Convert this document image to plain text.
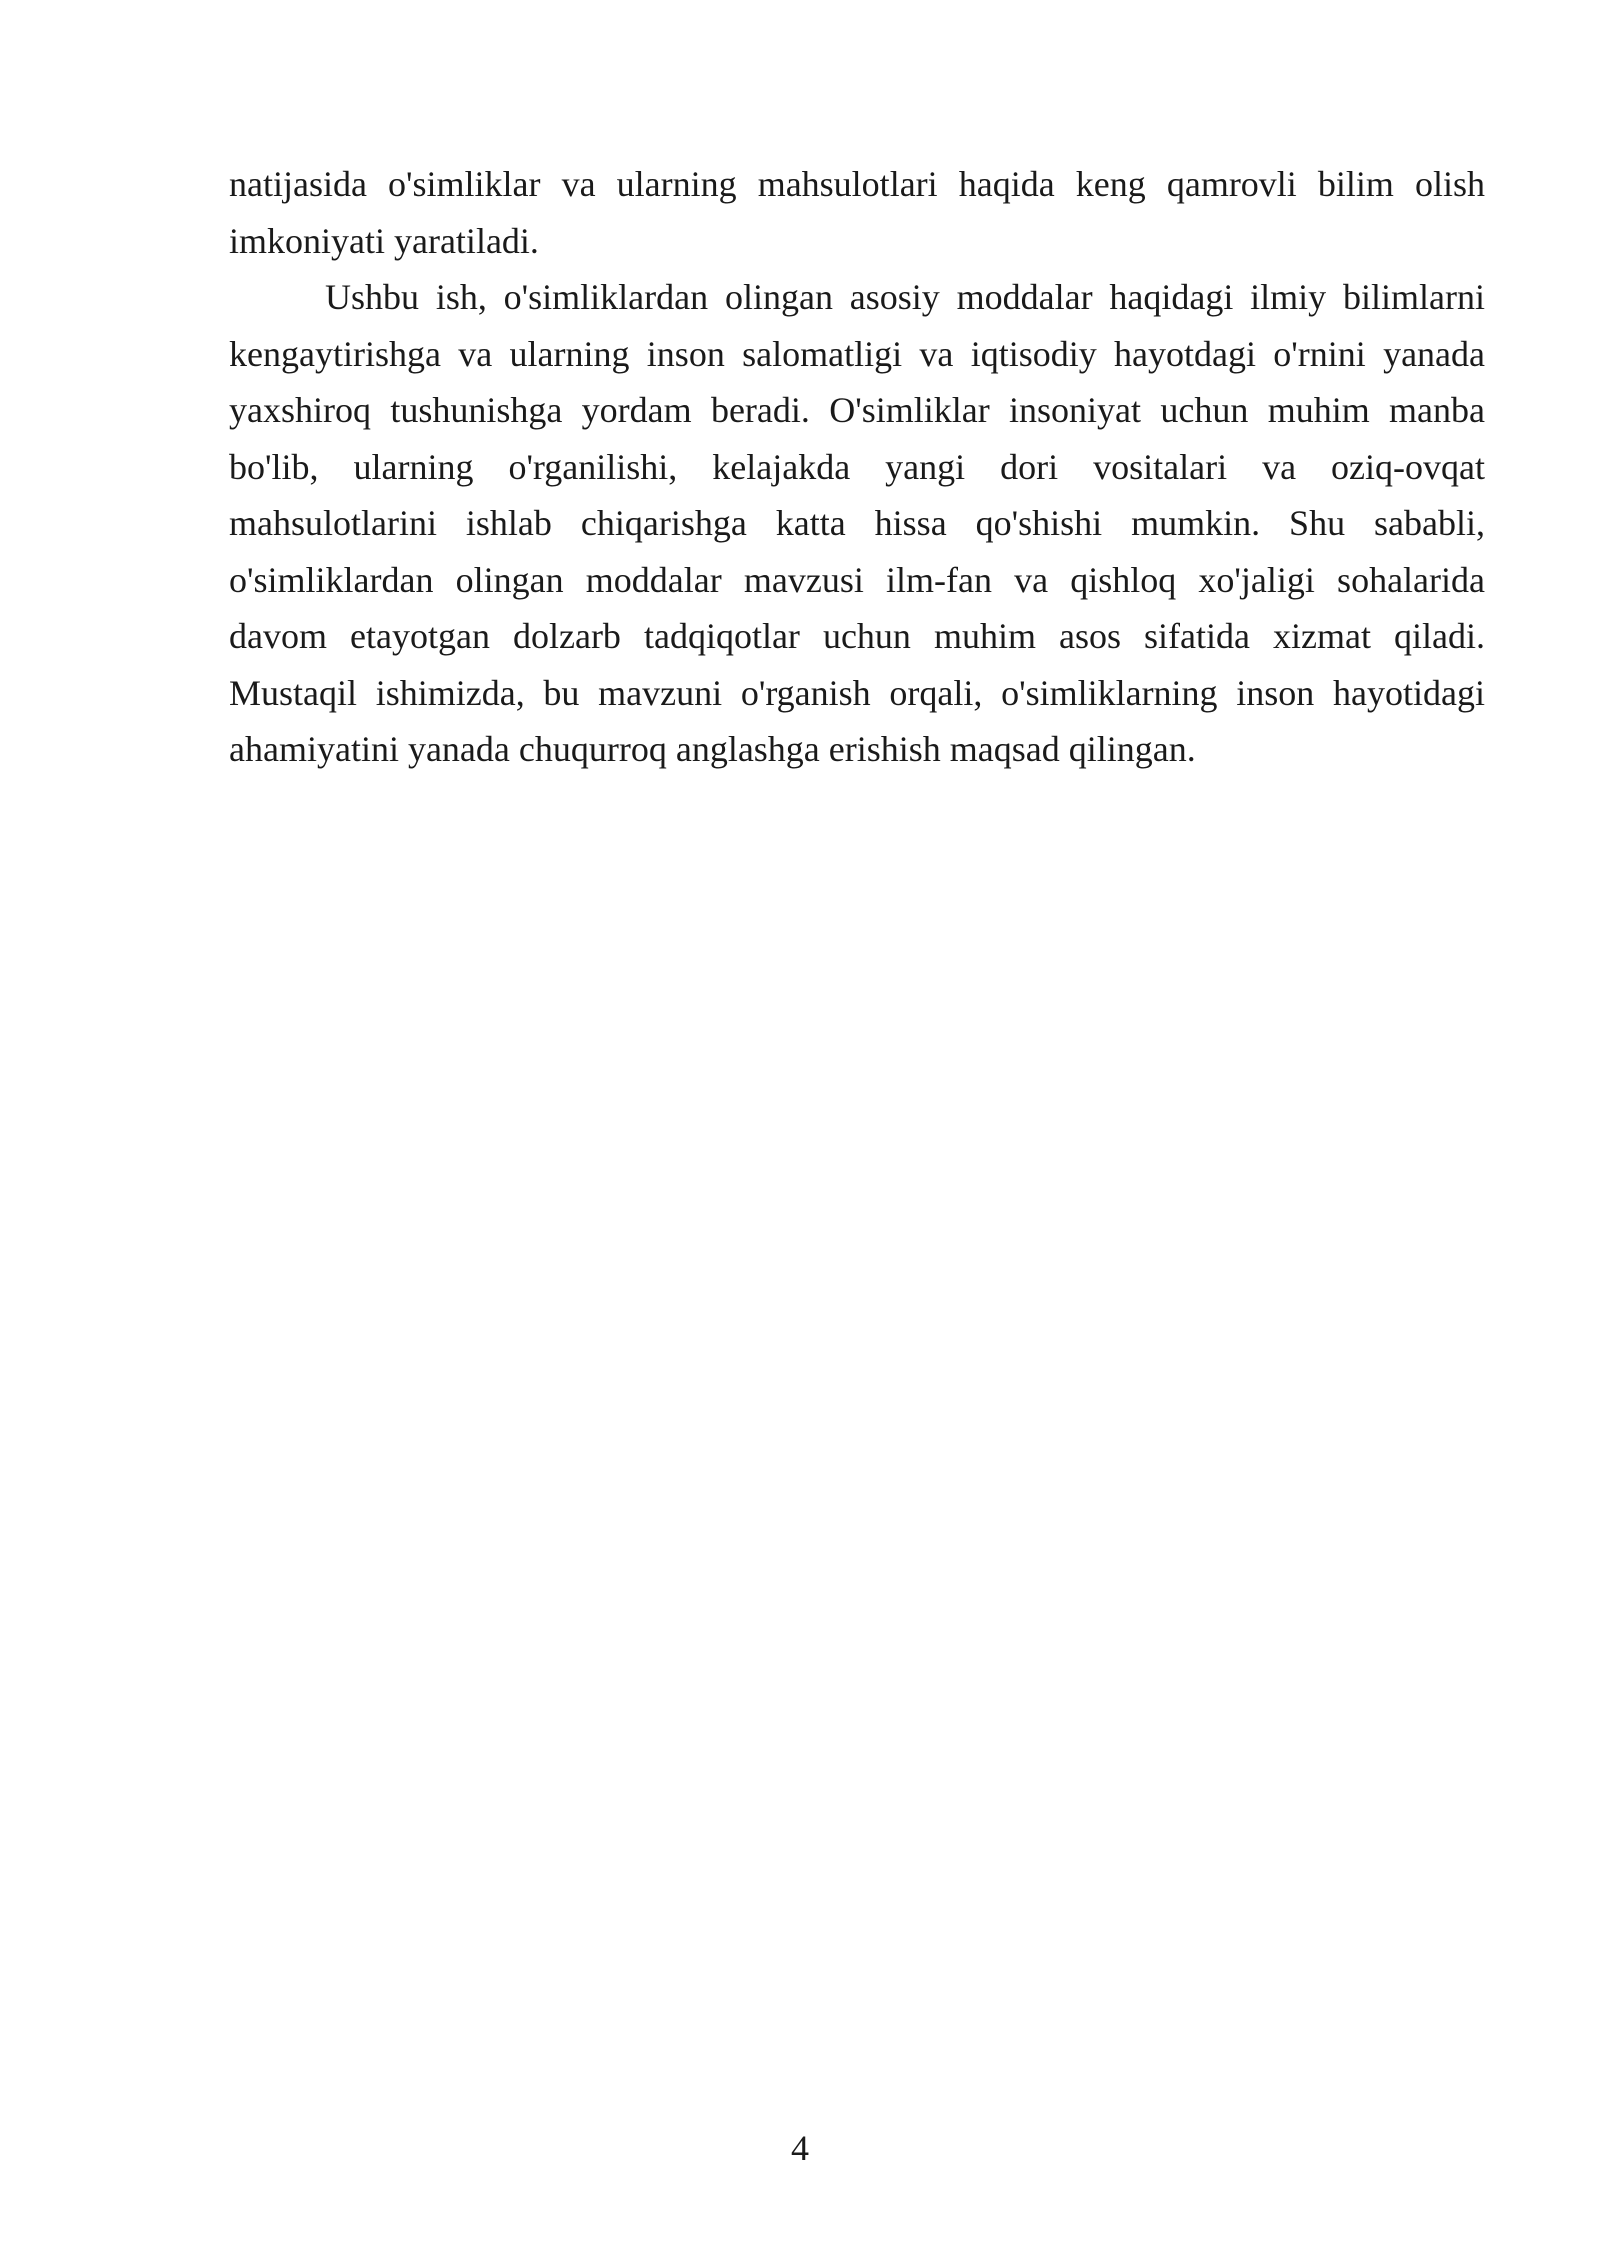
natijasida o'simliklar va ularning mahsulotlari haqida keng qamrovli bilim olish imkoniyati yaratiladi.

Ushbu ish, o'simliklardan olingan asosiy moddalar haqidagi ilmiy bilimlarni kengaytirishga va ularning inson salomatligi va iqtisodiy hayotdagi o'rnini yanada yaxshiroq tushunishga yordam beradi. O'simliklar insoniyat uchun muhim manba bo'lib, ularning o'rganilishi, kelajakda yangi dori vositalari va oziq-ovqat mahsulotlarini ishlab chiqarishga katta hissa qo'shishi mumkin. Shu sababli, o'simliklardan olingan moddalar mavzusi ilm-fan va qishloq xo'jaligi sohalarida davom etayotgan dolzarb tadqiqotlar uchun muhim asos sifatida xizmat qiladi. Mustaqil ishimizda, bu mavzuni o'rganish orqali, o'simliklarning inson hayotidagi ahamiyatini yanada chuqurroq anglashga erishish maqsad qilingan.

4
